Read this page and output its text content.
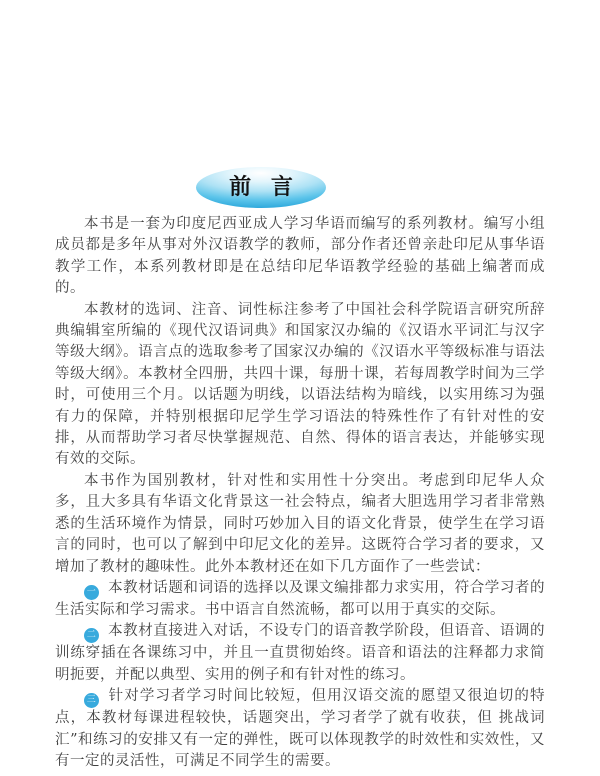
前 言

本书是一套为印度尼西亚成人学习华语而编写的系列教材。编写小组成员都是多年从事对外汉语教学的教师，部分作者还曾亲赴印尼从事华语教学工作，本系列教材即是在总结印尼华语教学经验的基础上编著而成的。

本教材的选词、注音、词性标注参考了中国社会科学院语言研究所辞典编辑室所编的《现代汉语词典》和国家汉办编的《汉语水平词汇与汉字等级大纲》。语言点的选取参考了国家汉办编的《汉语水平等级标准与语法等级大纲》。本教材全四册，共四十课，每册十课，若每周教学时间为三学时，可使用三个月。以话题为明线，以语法结构为暗线，以实用练习为强有力的保障，并特别根据印尼学生学习语法的特殊性作了有针对性的安排，从而帮助学习者尽快掌握规范、自然、得体的语言表达，并能够实现有效的交际。

本书作为国别教材，针对性和实用性十分突出。考虑到印尼华人众多，且大多具有华语文化背景这一社会特点，编者大胆选用学习者非常熟悉的生活环境作为情景，同时巧妙加入目的语文化背景，使学生在学习语言的同时，也可以了解到中印尼文化的差异。这既符合学习者的要求，又增加了教材的趣味性。此外本教材还在如下几方面作了一些尝试：

一 本教材话题和词语的选择以及课文编排都力求实用，符合学习者的生活实际和学习需求。书中语言自然流畅，都可以用于真实的交际。

二 本教材直接进入对话，不设专门的语音教学阶段，但语音、语调的训练穿插在各课练习中，并且一直贯彻始终。语音和语法的注释都力求简明扼要，并配以典型、实用的例子和有针对性的练习。

三 针对学习者学习时间比较短，但用汉语交流的愿望又很迫切的特点，本教材每课进程较快，话题突出，学习者学了就有收获，但 挑战词汇”和练习的安排又有一定的弹性，既可以体现教学的时效性和实效性，又有一定的灵活性，可满足不同学生的需要。
